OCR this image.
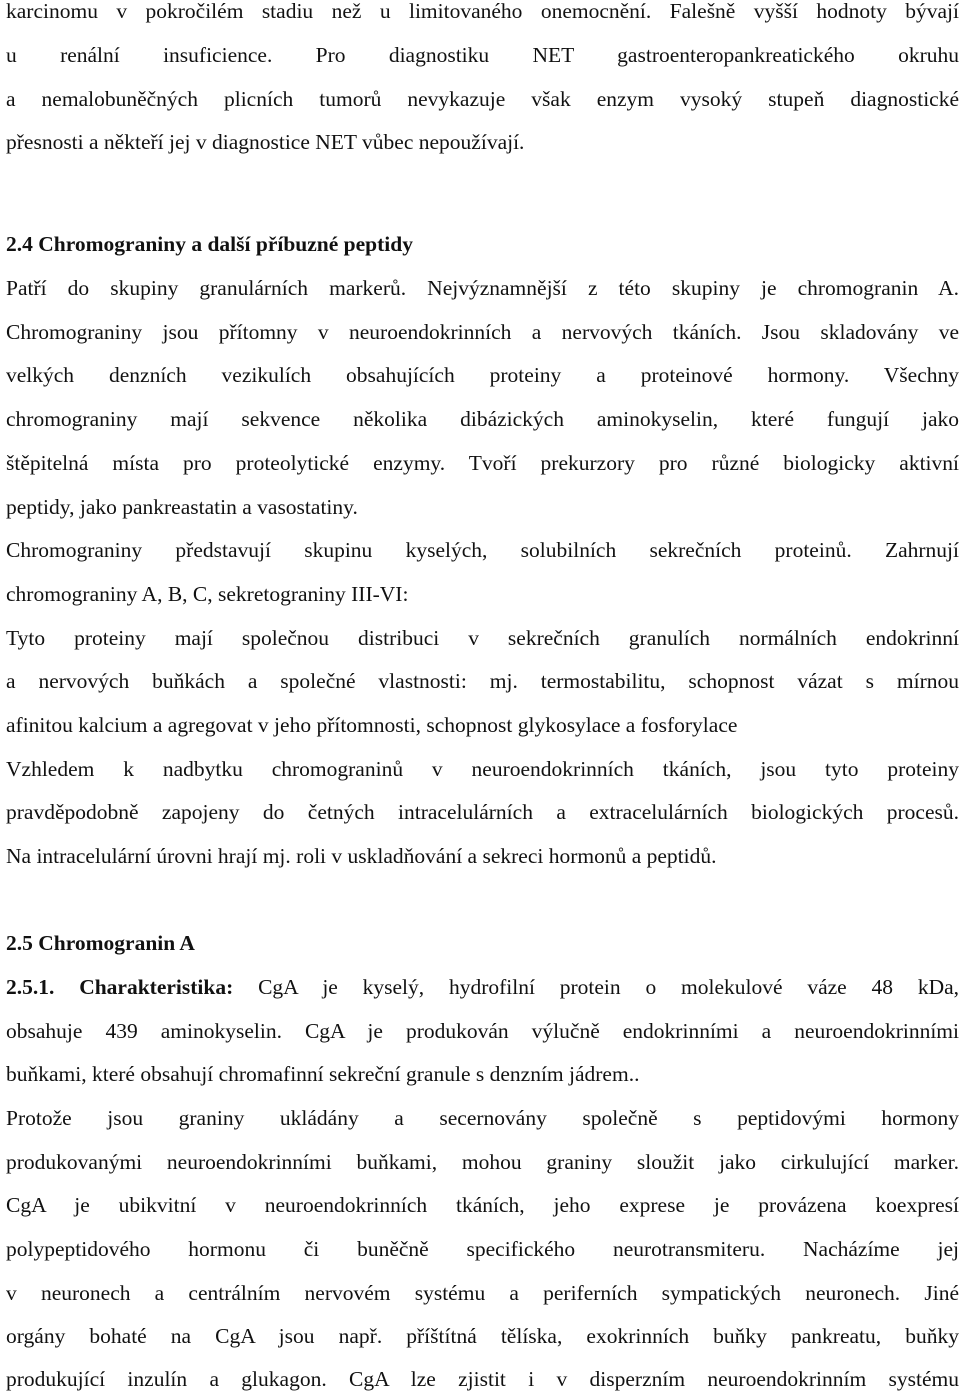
karcinomu v pokročilém stadiu než u limitovaného onemocnění. Falešně vyšší hodnoty bývají
u renální insuficience. Pro diagnostiku NET gastroenteropankreatického okruhu
a nemalobuněčných plicních tumorů nevykazuje však enzym vysoký stupeň diagnostické
přesnosti a někteří jej v diagnostice NET vůbec nepoužívají.
2.4 Chromograniny a další příbuzné peptidy
Patří do skupiny granulárních markerů. Nejvýznamnější z této skupiny je chromogranin A.
Chromograniny jsou přítomny v neuroendokrinních a nervových tkáních. Jsou skladovány ve
velkých denzních vezikulích obsahujících proteiny a proteinové hormony. Všechny
chromograniny mají sekvence několika dibázických aminokyselin, které fungují jako
štěpitelná místa pro proteolytické enzymy. Tvoří prekurzory pro různé biologicky aktivní
peptidy, jako pankreastatin a vasostatiny.
Chromograniny představují skupinu kyselých, solubilních sekrečních proteinů. Zahrnují
chromograniny A, B, C, sekretograniny III-VI:
Tyto proteiny mají společnou distribuci v sekrečních granulích normálních endokrinní
a nervových buňkách a společné vlastnosti: mj. termostabilitu, schopnost vázat s mírnou
afinitou kalcium a agregovat v jeho přítomnosti, schopnost glykosylace a fosforylace
Vzhledem k nadbytku chromograninů v neuroendokrinních tkáních, jsou tyto proteiny
pravděpodobně zapojeny do četných intracelulárních a extracelulárních biologických procesů.
Na intracelulární úrovni hrají mj. roli v uskladňování a sekreci hormonů a peptidů.
2.5 Chromogranin A
2.5.1. Charakteristika: CgA je kyselý, hydrofilní protein o molekulové váze 48 kDa,
obsahuje 439 aminokyselin. CgA je produkován výlučně endokrinními a neuroendokrinními
buňkami, které obsahují chromafinní sekreční granule s denzním jádrem..
Protože jsou graniny ukládány a secernovány společně s peptidovými hormony
produkovanými neuroendokrinními buňkami, mohou graniny sloužit jako cirkulující marker.
CgA je ubikvitní v neuroendokrinních tkáních, jeho exprese je provázena koexpresí
polypeptidového hormonu či buněčně specifického neurotransmiteru. Nacházíme jej
v neuronech a centrálním nervovém systému a periferních sympatických neuronech. Jiné
orgány bohaté na CgA jsou např. příštítná tělíska, exokrinních buňky pankreatu, buňky
produkující inzulín a glukagon. CgA lze zjistit i v disperzním neuroendokrinním systému
